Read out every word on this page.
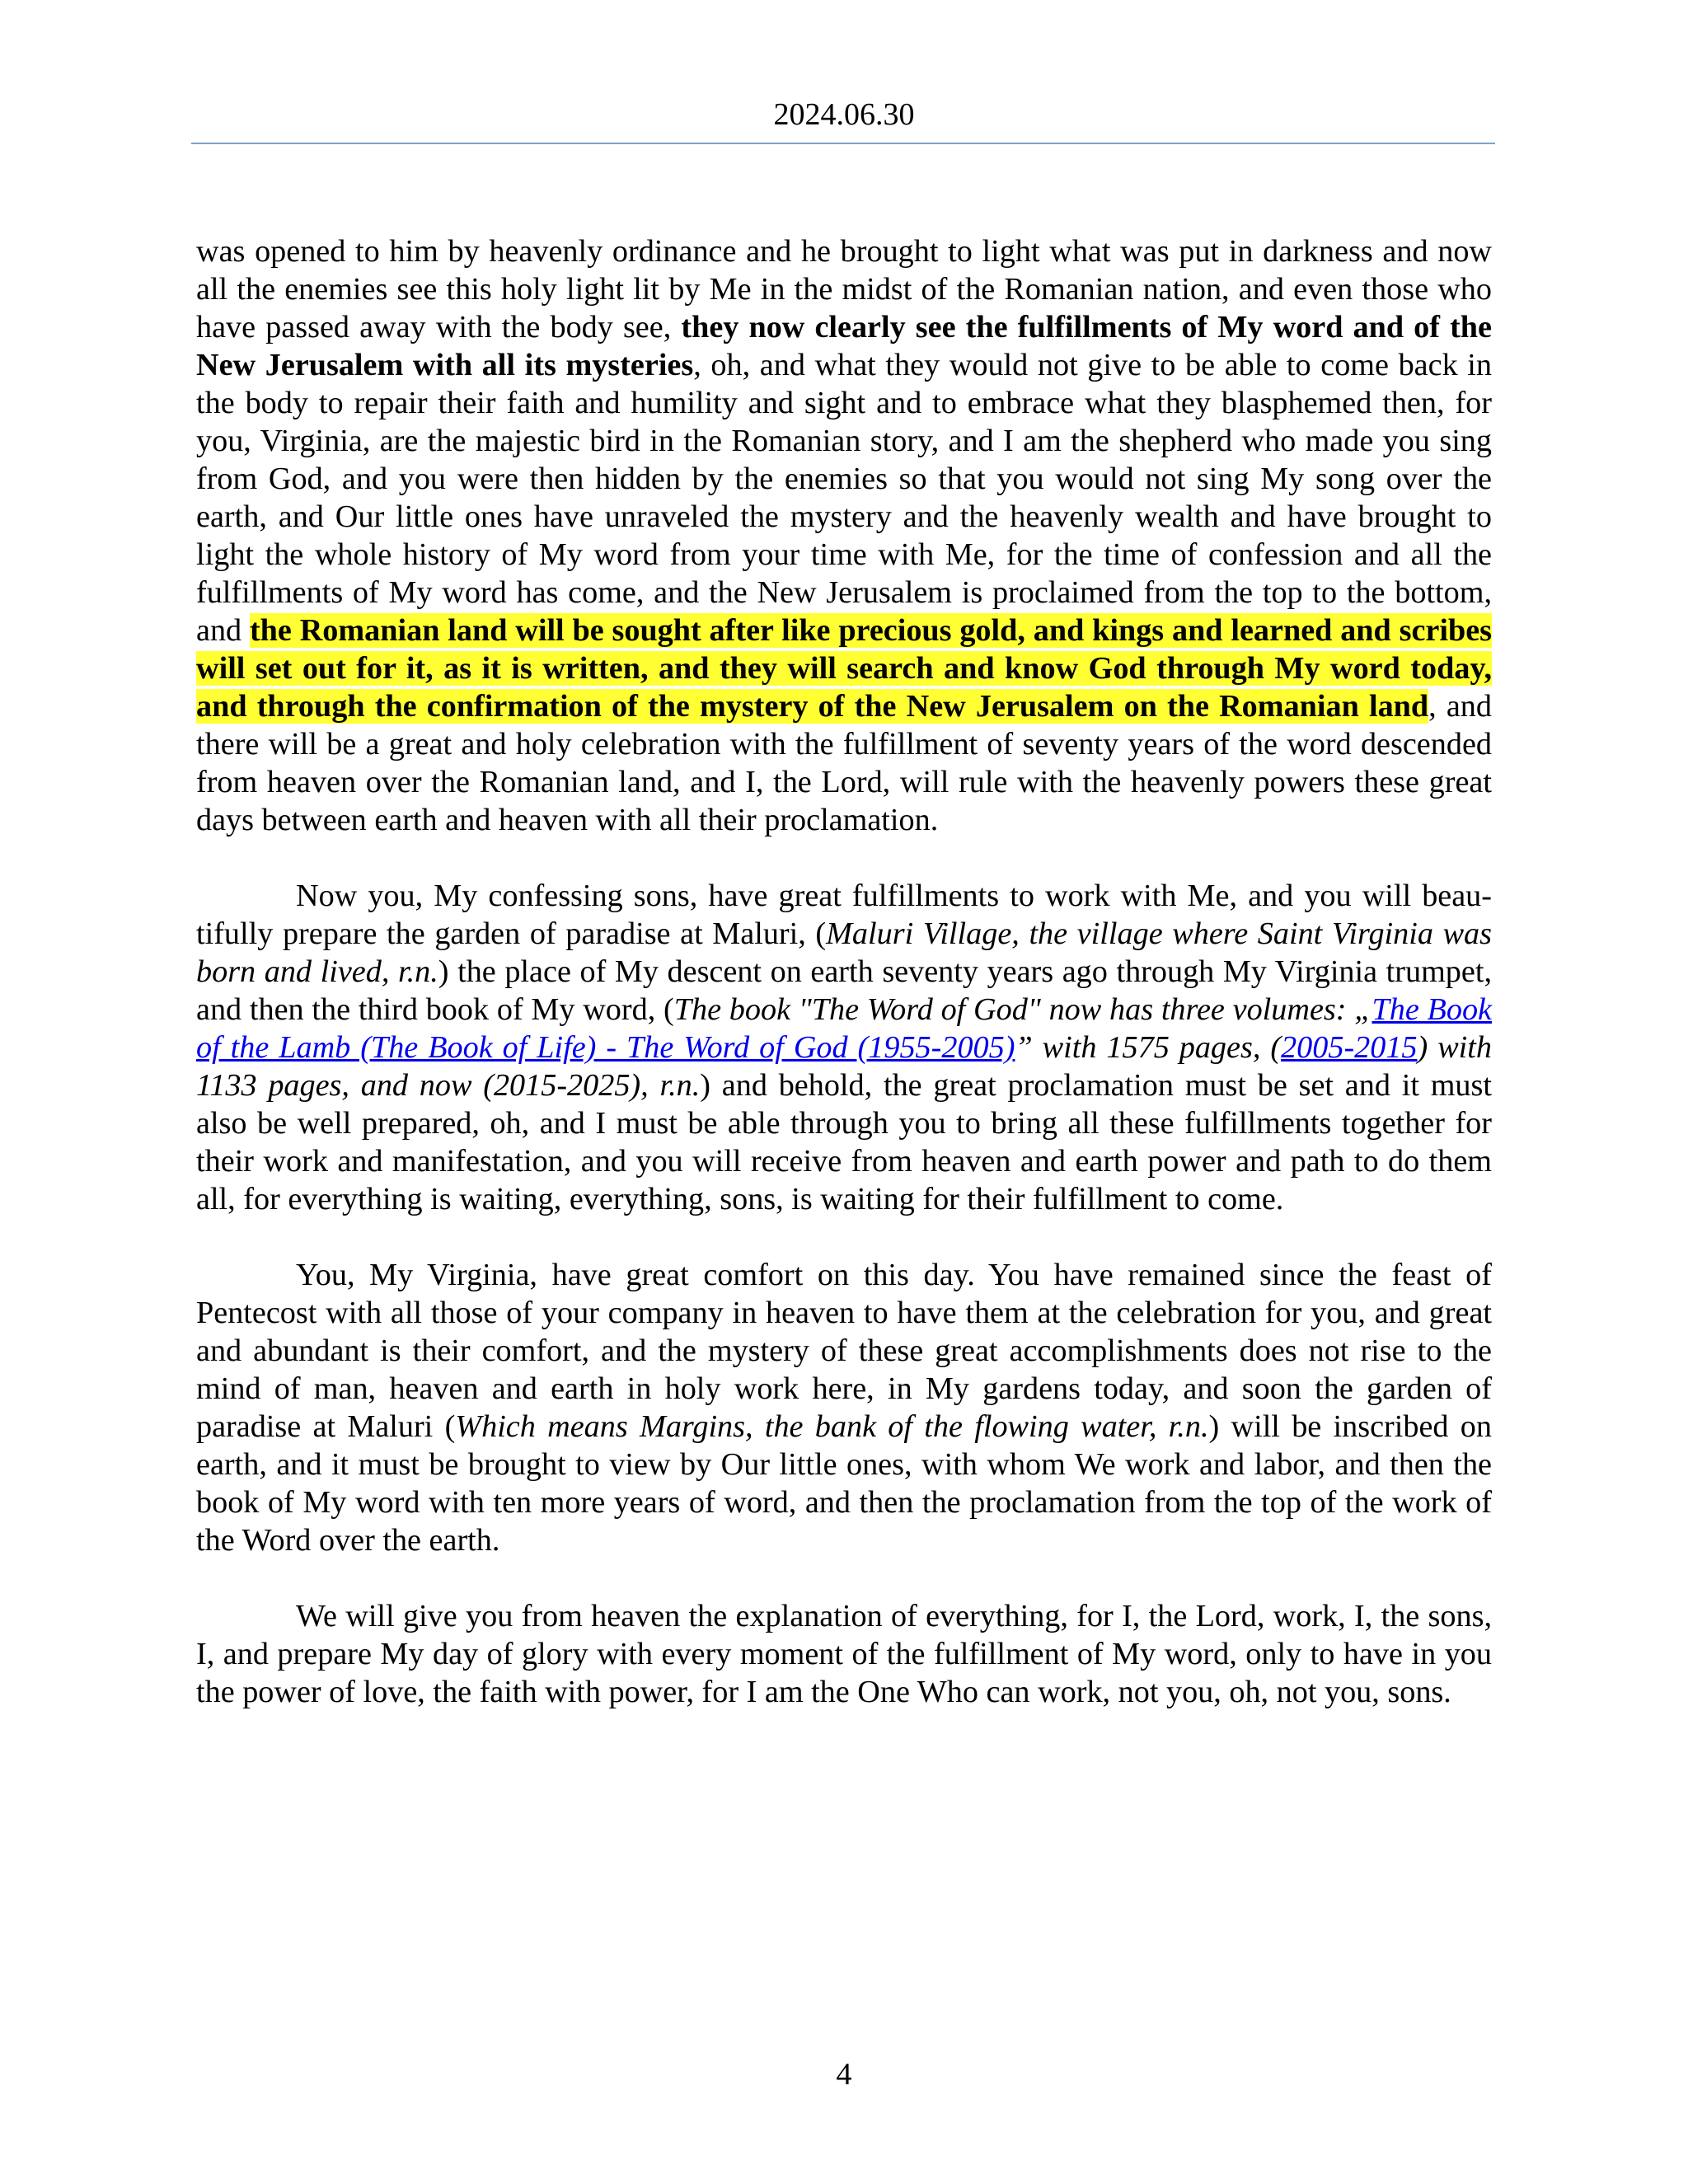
2024.06.30

was opened to him by heavenly ordinance and he brought to light what was put in darkness and now all the enemies see this holy light lit by Me in the midst of the Romanian nation, and even those who have passed away with the body see, they now clearly see the fulfillments of My word and of the New Jerusalem with all its mysteries, oh, and what they would not give to be able to come back in the body to repair their faith and humility and sight and to embrace what they blasphemed then, for you, Virginia, are the majestic bird in the Romanian story, and I am the shepherd who made you sing from God, and you were then hidden by the enemies so that you would not sing My song over the earth, and Our little ones have unraveled the mystery and the heavenly wealth and have brought to light the whole history of My word from your time with Me, for the time of confession and all the fulfillments of My word has come, and the New Jerusalem is proclaimed from the top to the bottom, and the Romanian land will be sought after like precious gold, and kings and learned and scribes will set out for it, as it is written, and they will search and know God through My word today, and through the confirmation of the mystery of the New Jerusalem on the Romanian land, and there will be a great and holy celebration with the fulfillment of seventy years of the word descended from heaven over the Romanian land, and I, the Lord, will rule with the heavenly powers these great days between earth and heaven with all their proclamation.

Now you, My confessing sons, have great fulfillments to work with Me, and you will beautifully prepare the garden of paradise at Maluri, (Maluri Village, the village where Saint Virginia was born and lived, r.n.) the place of My descent on earth seventy years ago through My Virginia trumpet, and then the third book of My word, (The book "The Word of God" now has three volumes: „The Book of the Lamb (The Book of Life) - The Word of God (1955-2005)” with 1575 pages, (2005-2015) with 1133 pages, and now (2015-2025), r.n.) and behold, the great proclamation must be set and it must also be well prepared, oh, and I must be able through you to bring all these fulfillments together for their work and manifestation, and you will receive from heaven and earth power and path to do them all, for everything is waiting, everything, sons, is waiting for their fulfillment to come.

You, My Virginia, have great comfort on this day. You have remained since the feast of Pentecost with all those of your company in heaven to have them at the celebration for you, and great and abundant is their comfort, and the mystery of these great accomplishments does not rise to the mind of man, heaven and earth in holy work here, in My gardens today, and soon the garden of paradise at Maluri (Which means Margins, the bank of the flowing water, r.n.) will be inscribed on earth, and it must be brought to view by Our little ones, with whom We work and labor, and then the book of My word with ten more years of word, and then the proclamation from the top of the work of the Word over the earth.

We will give you from heaven the explanation of everything, for I, the Lord, work, I, the sons, I, and prepare My day of glory with every moment of the fulfillment of My word, only to have in you the power of love, the faith with power, for I am the One Who can work, not you, oh, not you, sons.

4
